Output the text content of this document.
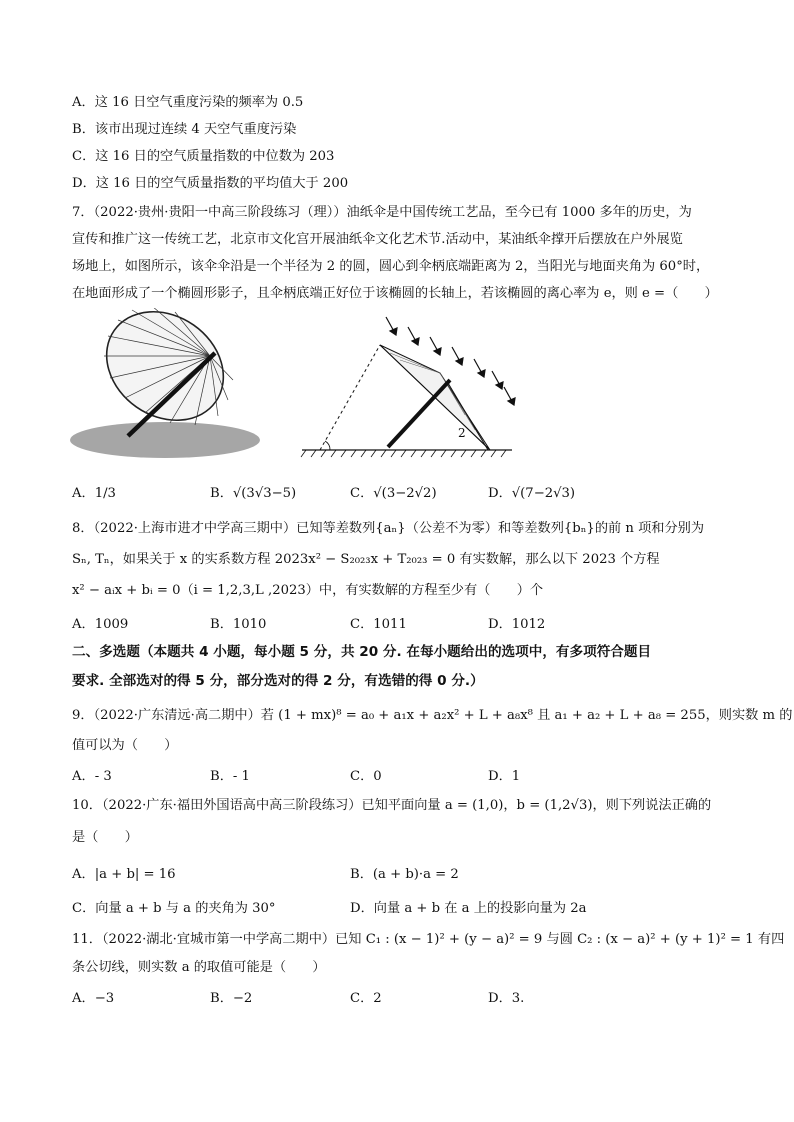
A．这 16 日空气重度污染的频率为 0.5
B．该市出现过连续 4 天空气重度污染
C．这 16 日的空气质量指数的中位数为 203
D．这 16 日的空气质量指数的平均值大于 200
7．（2022·贵州·贵阳一中高三阶段练习（理））油纸伞是中国传统工艺品，至今已有 1000 多年的历史，为
宣传和推广这一传统工艺，北京市文化宫开展油纸伞文化艺术节.活动中，某油纸伞撑开后摆放在户外展览
场地上，如图所示，该伞伞沿是一个半径为 2 的圆，圆心到伞柄底端距离为 2，当阳光与地面夹角为 60°时，
在地面形成了一个椭圆形影子，且伞柄底端正好位于该椭圆的长轴上，若该椭圆的离心率为 e，则 e =（　　）
2
A．1/3	B．√(3√3−5)	C．√(3−2√2)	D．√(7−2√3)
8．（2022·上海市进才中学高三期中）已知等差数列{aₙ}（公差不为零）和等差数列{bₙ}的前 n 项和分别为
Sₙ, Tₙ，如果关于 x 的实系数方程 2023x² − S₂₀₂₃x + T₂₀₂₃ = 0 有实数解，那么以下 2023 个方程
x² − aᵢx + bᵢ = 0（i = 1,2,3,L ,2023）中，有实数解的方程至少有（　　）个
A．1009	B．1010	C．1011	D．1012
二、多选题（本题共 4 小题，每小题 5 分，共 20 分. 在每小题给出的选项中，有多项符合题目
要求. 全部选对的得 5 分，部分选对的得 2 分，有选错的得 0 分.）
9．（2022·广东清远·高二期中）若 (1 + mx)⁸ = a₀ + a₁x + a₂x² + L + a₈x⁸ 且 a₁ + a₂ + L + a₈ = 255，则实数 m 的
值可以为（　　）
A．- 3	B．- 1	C．0	D．1
10．（2022·广东·福田外国语高中高三阶段练习）已知平面向量 a = (1,0)，b = (1,2√3)，则下列说法正确的
是（　　）
A．|a + b| = 16	B．(a + b)·a = 2
C．向量 a + b 与 a 的夹角为 30°	D．向量 a + b 在 a 上的投影向量为 2a
11．（2022·湖北·宜城市第一中学高二期中）已知 C₁ : (x − 1)² + (y − a)² = 9 与圆 C₂ : (x − a)² + (y + 1)² = 1 有四
条公切线，则实数 a 的取值可能是（　　）
A．−3	B．−2	C．2	D．3.
